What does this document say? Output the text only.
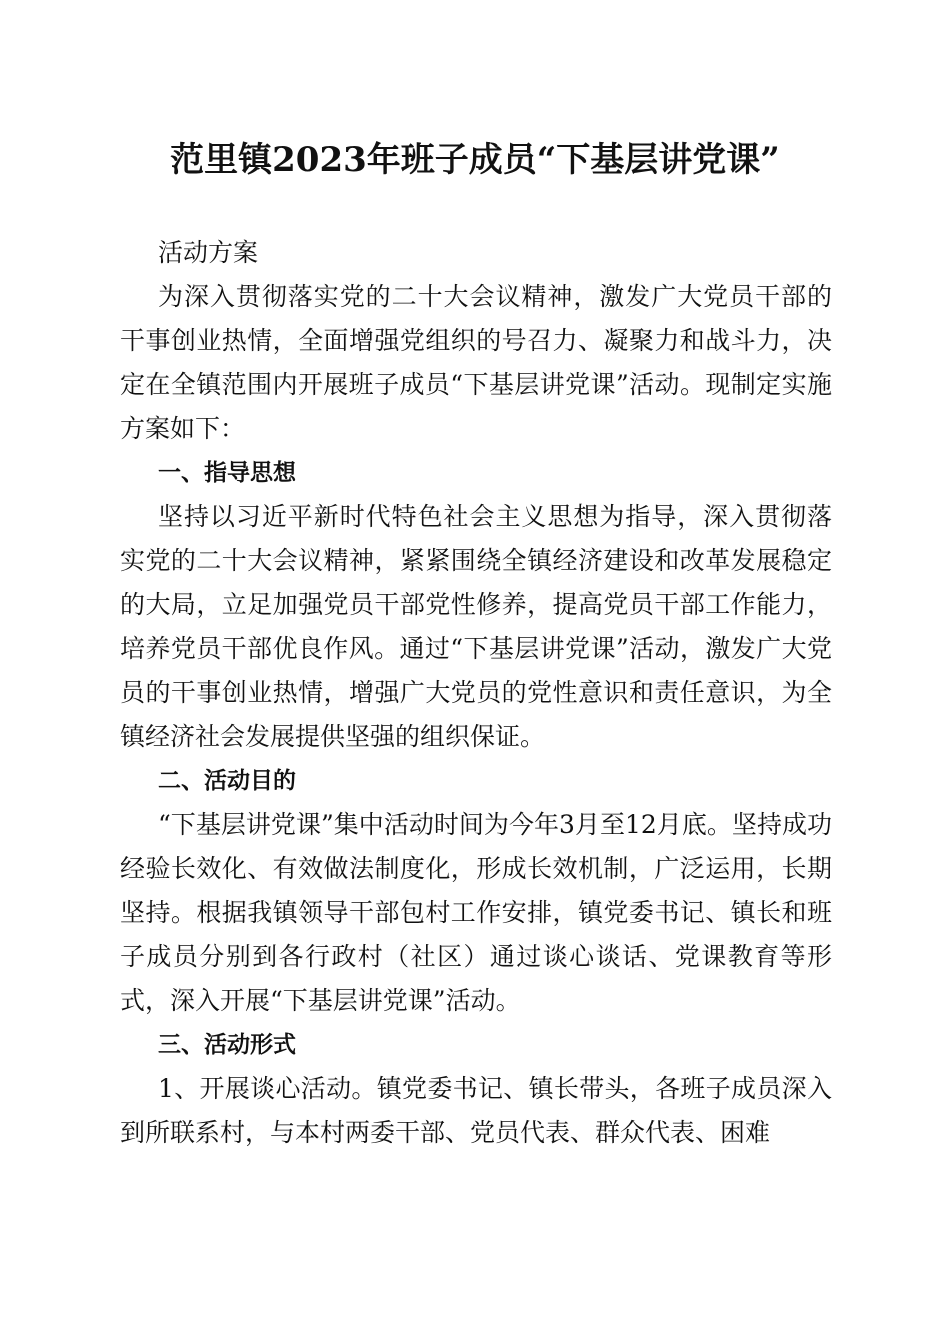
范里镇2023年班子成员“下基层讲党课”

活动方案

为深入贯彻落实党的二十大会议精神，激发广大党员干部的干事创业热情，全面增强党组织的号召力、凝聚力和战斗力，决定在全镇范围内开展班子成员“下基层讲党课”活动。现制定实施方案如下：

一、指导思想

坚持以习近平新时代特色社会主义思想为指导，深入贯彻落实党的二十大会议精神，紧紧围绕全镇经济建设和改革发展稳定的大局，立足加强党员干部党性修养，提高党员干部工作能力，培养党员干部优良作风。通过“下基层讲党课”活动，激发广大党员的干事创业热情，增强广大党员的党性意识和责任意识，为全镇经济社会发展提供坚强的组织保证。

二、活动目的

“下基层讲党课”集中活动时间为今年3月至12月底。坚持成功经验长效化、有效做法制度化，形成长效机制，广泛运用，长期坚持。根据我镇领导干部包村工作安排，镇党委书记、镇长和班子成员分别到各行政村（社区）通过谈心谈话、党课教育等形式，深入开展“下基层讲党课”活动。

三、活动形式

1、开展谈心活动。镇党委书记、镇长带头，各班子成员深入到所联系村，与本村两委干部、党员代表、群众代表、困难
